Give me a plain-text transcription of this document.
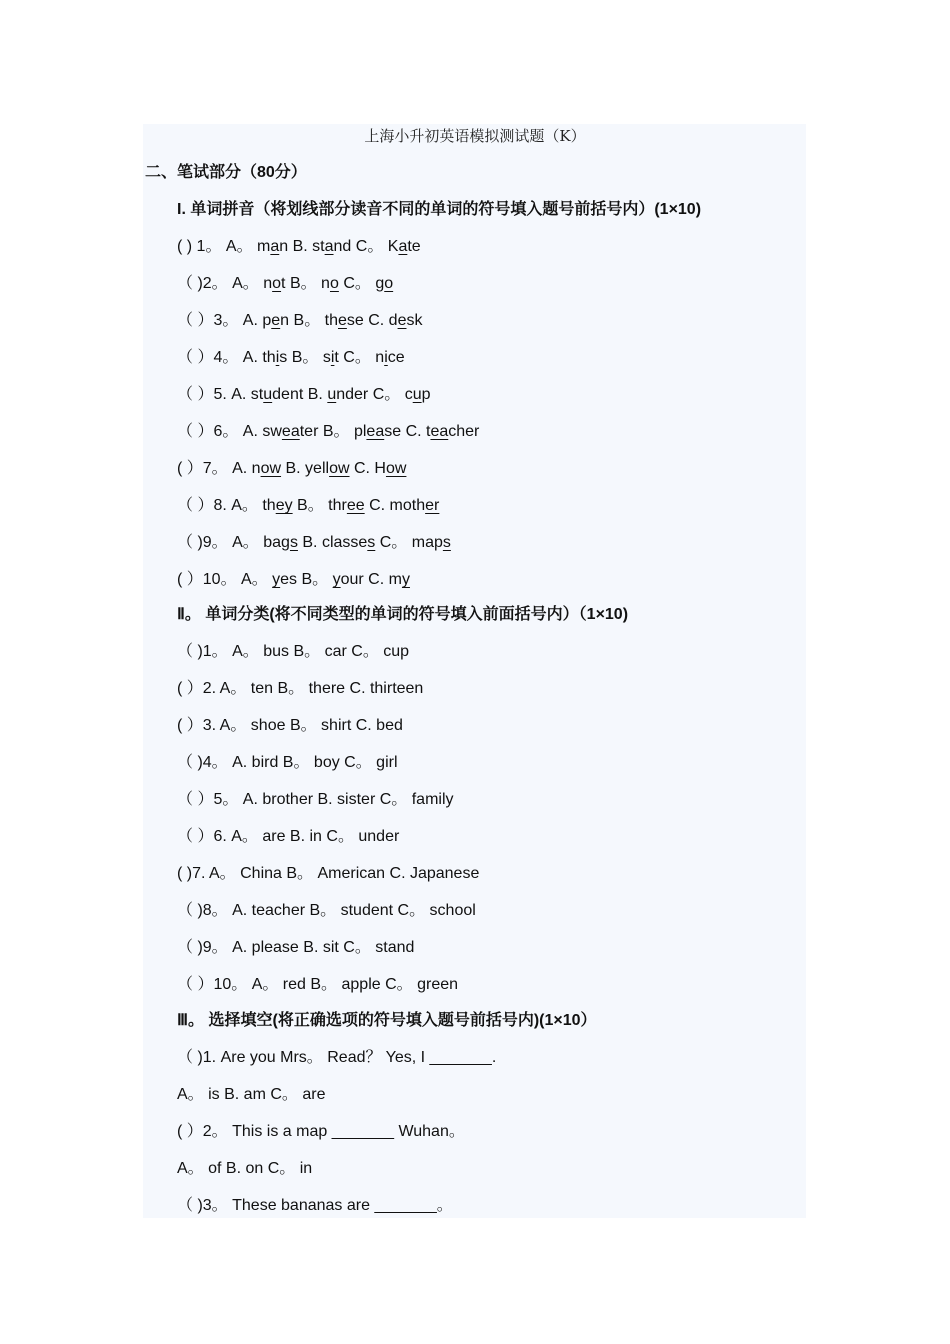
上海小升初英语模拟测试题（K）
二、笔试部分（80分）
I. 单词拼音（将划线部分读音不同的单词的符号填入题号前括号内）(1×10)
( ) 1。 A。 man B. stand C。 Kate
（ )2。 A。 not B。 no C。 go
（ ）3。 A. pen B。 these C. desk
（ ）4。 A. this B。 sit C。 nice
（ ）5. A. student B. under C。 cup
（ ）6。 A. sweater B。 please C. teacher
( ）7。 A. now B. yellow C. How
（ ）8. A。 they B。 three C. mother
（ )9。 A。 bags B. classes C。 maps
( ）10。 A。 yes B。 your C. my
Ⅱ。 单词分类(将不同类型的单词的符号填入前面括号内）（1×10)
（ )1。 A。 bus B。 car C。 cup
( ）2. A。 ten B。 there C. thirteen
( ）3. A。 shoe B。 shirt C. bed
（ )4。 A. bird B。 boy C。 girl
（ ）5。 A. brother B. sister C。 family
（ ）6. A。 are B. in C。 under
( )7. A。 China B。 American C. Japanese
（ )8。 A. teacher B。 student C。 school
（ )9。 A. please B. sit C。 stand
（ ）10。 A。 red B。 apple C。 green
Ⅲ。 选择填空(将正确选项的符号填入题号前括号内)(1×10）
（ )1. Are you Mrs。 Read？ Yes, I _______.
A。 is B. am C。 are
( ）2。 This is a map _______ Wuhan。
A。 of B. on C。 in
（ )3。 These bananas are _______。
